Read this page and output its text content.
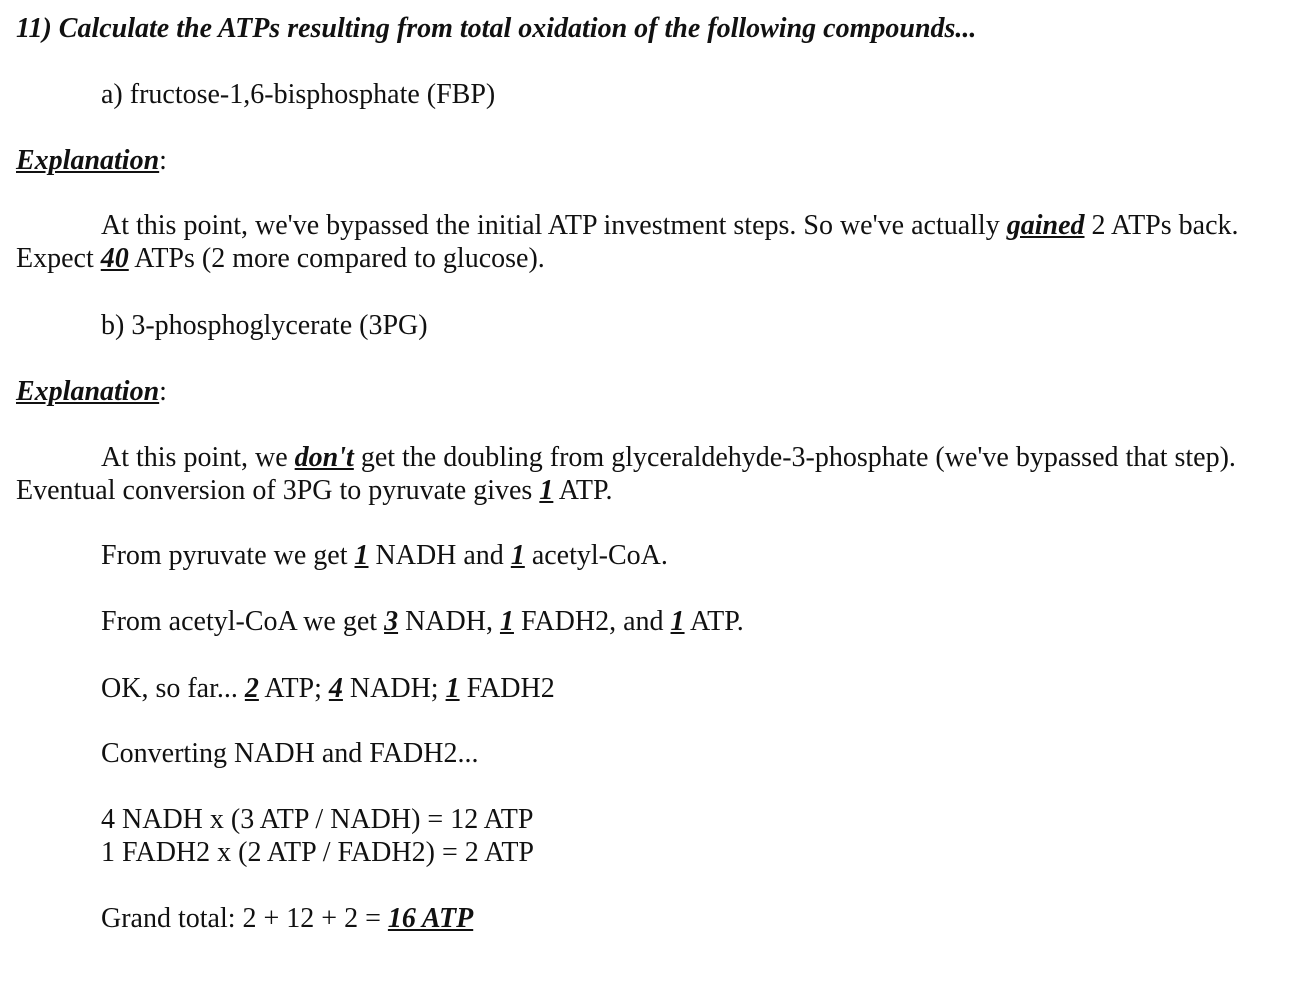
11) Calculate the ATPs resulting from total oxidation of the following compounds...
a) fructose-1,6-bisphosphate (FBP)
Explanation:
At this point, we've bypassed the initial ATP investment steps. So we've actually gained 2 ATPs back.
Expect 40 ATPs (2 more compared to glucose).
b) 3-phosphoglycerate (3PG)
Explanation:
At this point, we don't get the doubling from glyceraldehyde-3-phosphate (we've bypassed that step).
Eventual conversion of 3PG to pyruvate gives 1 ATP.
From pyruvate we get 1 NADH and 1 acetyl-CoA.
From acetyl-CoA we get 3 NADH, 1 FADH2, and 1 ATP.
OK, so far... 2 ATP; 4 NADH; 1 FADH2
Converting NADH and FADH2...
4 NADH x (3 ATP / NADH) = 12 ATP
1 FADH2 x (2 ATP / FADH2) = 2 ATP
Grand total: 2 + 12 + 2 = 16 ATP
